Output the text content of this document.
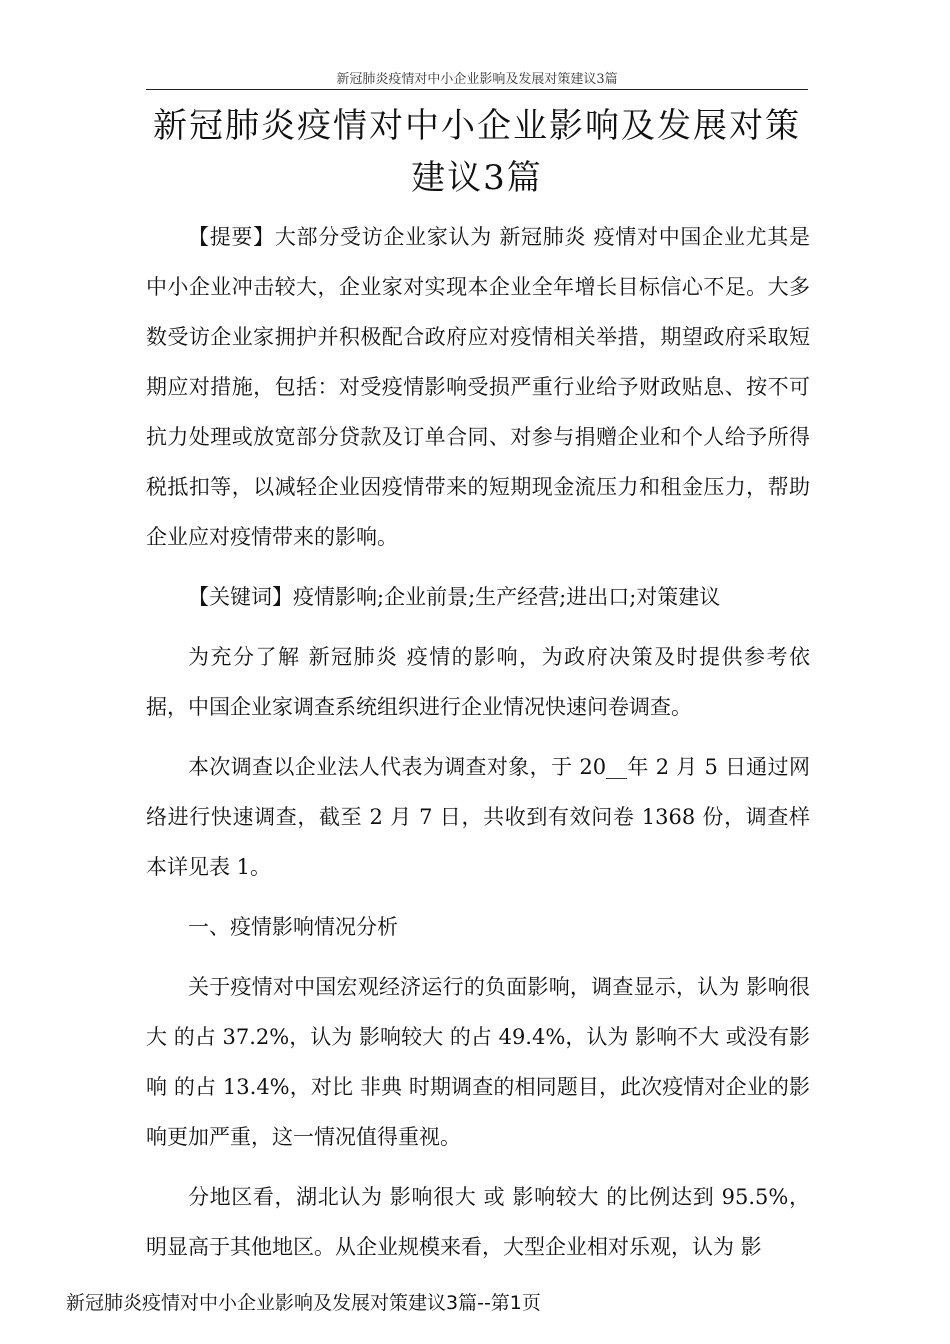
新冠肺炎疫情对中小企业影响及发展对策建议3篇
新冠肺炎疫情对中小企业影响及发展对策
建议3篇

【提要】大部分受访企业家认为 新冠肺炎 疫情对中国企业尤其是中小企业冲击较大，企业家对实现本企业全年增长目标信心不足。大多数受访企业家拥护并积极配合政府应对疫情相关举措，期望政府采取短期应对措施，包括：对受疫情影响受损严重行业给予财政贴息、按不可抗力处理或放宽部分贷款及订单合同、对参与捐赠企业和个人给予所得税抵扣等，以减轻企业因疫情带来的短期现金流压力和租金压力，帮助企业应对疫情带来的影响。

【关键词】疫情影响;企业前景;生产经营;进出口;对策建议

为充分了解 新冠肺炎 疫情的影响，为政府决策及时提供参考依据，中国企业家调查系统组织进行企业情况快速问卷调查。

本次调查以企业法人代表为调查对象，于 20__年 2 月 5 日通过网络进行快速调查，截至 2 月 7 日，共收到有效问卷 1368 份，调查样本详见表 1。

一、疫情影响情况分析

关于疫情对中国宏观经济运行的负面影响，调查显示，认为 影响很大 的占 37.2%，认为 影响较大 的占 49.4%，认为 影响不大 或没有影响 的占 13.4%，对比 非典 时期调查的相同题目，此次疫情对企业的影响更加严重，这一情况值得重视。

分地区看，湖北认为 影响很大 或 影响较大 的比例达到 95.5%，明显高于其他地区。从企业规模来看，大型企业相对乐观，认为 影

新冠肺炎疫情对中小企业影响及发展对策建议3篇--第1页
